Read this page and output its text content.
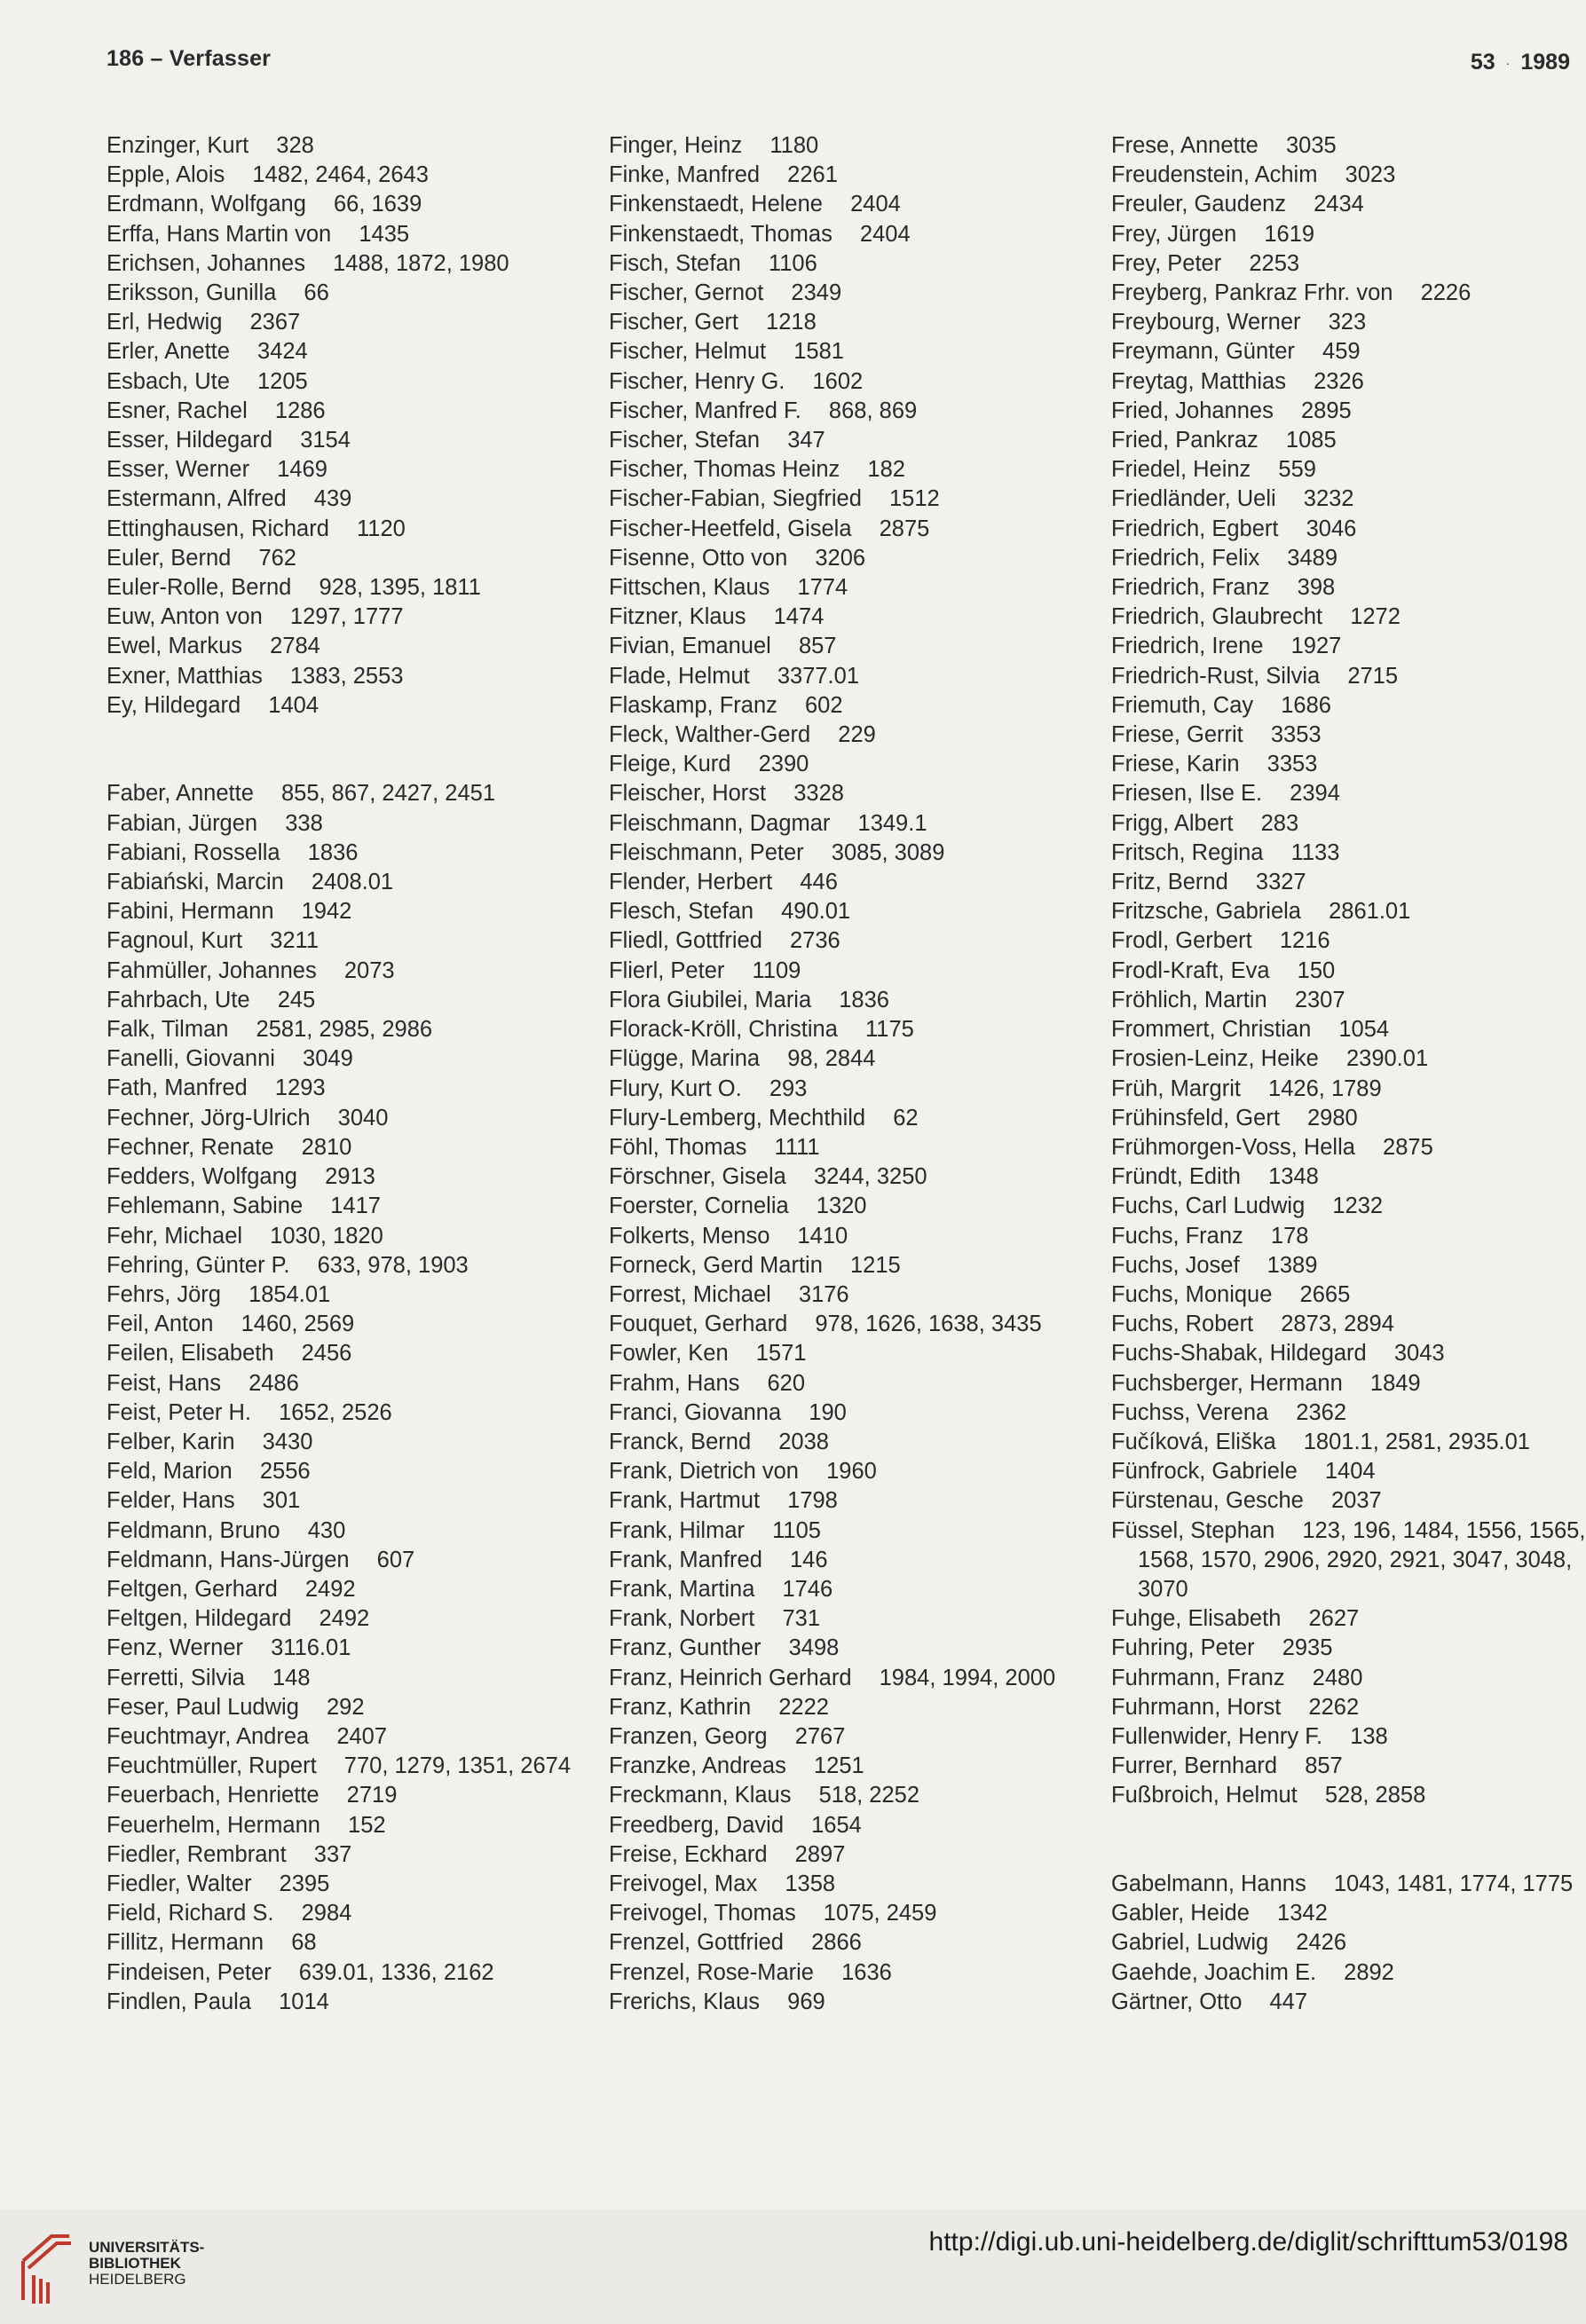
186 – Verfasser	53 · 1989
Enzinger, Kurt 328
Epple, Alois 1482, 2464, 2643
Erdmann, Wolfgang 66, 1639
Erffa, Hans Martin von 1435
Erichsen, Johannes 1488, 1872, 1980
Eriksson, Gunilla 66
Erl, Hedwig 2367
Erler, Anette 3424
Esbach, Ute 1205
Esner, Rachel 1286
Esser, Hildegard 3154
Esser, Werner 1469
Estermann, Alfred 439
Ettinghausen, Richard 1120
Euler, Bernd 762
Euler-Rolle, Bernd 928, 1395, 1811
Euw, Anton von 1297, 1777
Ewel, Markus 2784
Exner, Matthias 1383, 2553
Ey, Hildegard 1404
Faber, Annette 855, 867, 2427, 2451
Fabian, Jürgen 338
Fabiani, Rossella 1836
Fabiański, Marcin 2408.01
Fabini, Hermann 1942
Fagnoul, Kurt 3211
Fahmüller, Johannes 2073
Fahrbach, Ute 245
Falk, Tilman 2581, 2985, 2986
Fanelli, Giovanni 3049
Fath, Manfred 1293
Fechner, Jörg-Ulrich 3040
Fechner, Renate 2810
Fedders, Wolfgang 2913
Fehlemann, Sabine 1417
Fehr, Michael 1030, 1820
Fehring, Günter P. 633, 978, 1903
Fehrs, Jörg 1854.01
Feil, Anton 1460, 2569
Feilen, Elisabeth 2456
Feist, Hans 2486
Feist, Peter H. 1652, 2526
Felber, Karin 3430
Feld, Marion 2556
Felder, Hans 301
Feldmann, Bruno 430
Feldmann, Hans-Jürgen 607
Feltgen, Gerhard 2492
Feltgen, Hildegard 2492
Fenz, Werner 3116.01
Ferretti, Silvia 148
Feser, Paul Ludwig 292
Feuchtmayr, Andrea 2407
Feuchtmüller, Rupert 770, 1279, 1351, 2674
Feuerbach, Henriette 2719
Feuerhelm, Hermann 152
Fiedler, Rembrant 337
Fiedler, Walter 2395
Field, Richard S. 2984
Fillitz, Hermann 68
Findeisen, Peter 639.01, 1336, 2162
Findlen, Paula 1014
Finger, Heinz 1180
Finke, Manfred 2261
Finkenstaedt, Helene 2404
Finkenstaedt, Thomas 2404
Fisch, Stefan 1106
Fischer, Gernot 2349
Fischer, Gert 1218
Fischer, Helmut 1581
Fischer, Henry G. 1602
Fischer, Manfred F. 868, 869
Fischer, Stefan 347
Fischer, Thomas Heinz 182
Fischer-Fabian, Siegfried 1512
Fischer-Heetfeld, Gisela 2875
Fisenne, Otto von 3206
Fittschen, Klaus 1774
Fitzner, Klaus 1474
Fivian, Emanuel 857
Flade, Helmut 3377.01
Flaskamp, Franz 602
Fleck, Walther-Gerd 229
Fleige, Kurd 2390
Fleischer, Horst 3328
Fleischmann, Dagmar 1349.1
Fleischmann, Peter 3085, 3089
Flender, Herbert 446
Flesch, Stefan 490.01
Fliedl, Gottfried 2736
Flierl, Peter 1109
Flora Giubilei, Maria 1836
Florack-Kröll, Christina 1175
Flügge, Marina 98, 2844
Flury, Kurt O. 293
Flury-Lemberg, Mechthild 62
Föhl, Thomas 1111
Förschner, Gisela 3244, 3250
Foerster, Cornelia 1320
Folkerts, Menso 1410
Forneck, Gerd Martin 1215
Forrest, Michael 3176
Fouquet, Gerhard 978, 1626, 1638, 3435
Fowler, Ken 1571
Frahm, Hans 620
Franci, Giovanna 190
Franck, Bernd 2038
Frank, Dietrich von 1960
Frank, Hartmut 1798
Frank, Hilmar 1105
Frank, Manfred 146
Frank, Martina 1746
Frank, Norbert 731
Franz, Gunther 3498
Franz, Heinrich Gerhard 1984, 1994, 2000
Franz, Kathrin 2222
Franzen, Georg 2767
Franzke, Andreas 1251
Freckmann, Klaus 518, 2252
Freedberg, David 1654
Freise, Eckhard 2897
Freivogel, Max 1358
Freivogel, Thomas 1075, 2459
Frenzel, Gottfried 2866
Frenzel, Rose-Marie 1636
Frerichs, Klaus 969
Frese, Annette 3035
Freudenstein, Achim 3023
Freuler, Gaudenz 2434
Frey, Jürgen 1619
Frey, Peter 2253
Freyberg, Pankraz Frhr. von 2226
Freybourg, Werner 323
Freymann, Günter 459
Freytag, Matthias 2326
Fried, Johannes 2895
Fried, Pankraz 1085
Friedel, Heinz 559
Friedländer, Ueli 3232
Friedrich, Egbert 3046
Friedrich, Felix 3489
Friedrich, Franz 398
Friedrich, Glaubrecht 1272
Friedrich, Irene 1927
Friedrich-Rust, Silvia 2715
Friemuth, Cay 1686
Friese, Gerrit 3353
Friese, Karin 3353
Friesen, Ilse E. 2394
Frigg, Albert 283
Fritsch, Regina 1133
Fritz, Bernd 3327
Fritzsche, Gabriela 2861.01
Frodl, Gerbert 1216
Frodl-Kraft, Eva 150
Fröhlich, Martin 2307
Frommert, Christian 1054
Frosien-Leinz, Heike 2390.01
Früh, Margrit 1426, 1789
Frühinsfeld, Gert 2980
Frühmorgen-Voss, Hella 2875
Fründt, Edith 1348
Fuchs, Carl Ludwig 1232
Fuchs, Franz 178
Fuchs, Josef 1389
Fuchs, Monique 2665
Fuchs, Robert 2873, 2894
Fuchs-Shabak, Hildegard 3043
Fuchsberger, Hermann 1849
Fuchss, Verena 2362
Fučíková, Eliška 1801.1, 2581, 2935.01
Fünfrock, Gabriele 1404
Fürstenau, Gesche 2037
Füssel, Stephan 123, 196, 1484, 1556, 1565, 1568, 1570, 2906, 2920, 2921, 3047, 3048, 3070
Fuhge, Elisabeth 2627
Fuhring, Peter 2935
Fuhrmann, Franz 2480
Fuhrmann, Horst 2262
Fullenwider, Henry F. 138
Furrer, Bernhard 857
Fußbroich, Helmut 528, 2858
Gabelmann, Hanns 1043, 1481, 1774, 1775
Gabler, Heide 1342
Gabriel, Ludwig 2426
Gaehde, Joachim E. 2892
Gärtner, Otto 447
UNIVERSITÄTS-
BIBLIOTHEK
HEIDELBERG
http://digi.ub.uni-heidelberg.de/diglit/schrifttum53/0198
